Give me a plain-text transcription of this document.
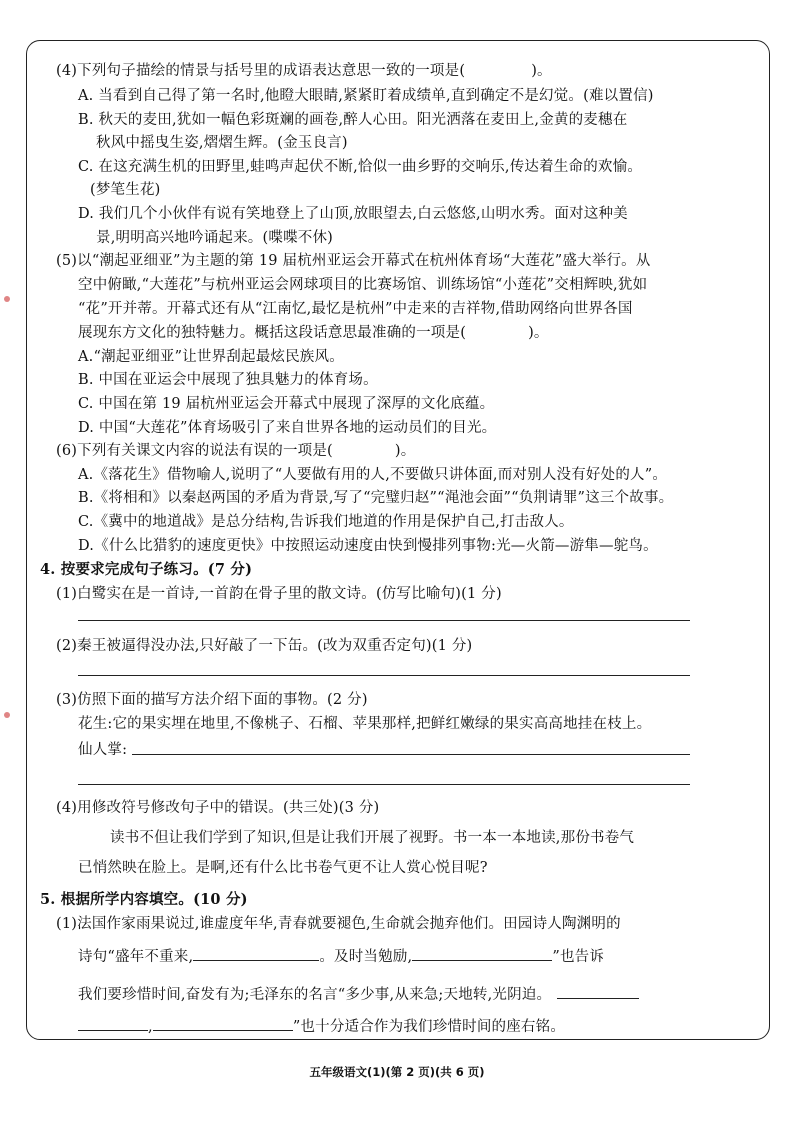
(4)下列句子描绘的情景与括号里的成语表达意思一致的一项是(	)。
A. 当看到自己得了第一名时,他瞪大眼睛,紧紧盯着成绩单,直到确定不是幻觉。(难以置信)
B. 秋天的麦田,犹如一幅色彩斑斓的画卷,醉人心田。阳光洒落在麦田上,金黄的麦穗在
秋风中摇曳生姿,熠熠生辉。(金玉良言)
C. 在这充满生机的田野里,蛙鸣声起伏不断,恰似一曲乡野的交响乐,传达着生命的欢愉。
(梦笔生花)
D. 我们几个小伙伴有说有笑地登上了山顶,放眼望去,白云悠悠,山明水秀。面对这种美
景,明明高兴地吟诵起来。(喋喋不休)
(5)以“潮起亚细亚”为主题的第 19 届杭州亚运会开幕式在杭州体育场“大莲花”盛大举行。从
空中俯瞰,“大莲花”与杭州亚运会网球项目的比赛场馆、训练场馆“小莲花”交相辉映,犹如
“花”开并蒂。开幕式还有从“江南忆,最忆是杭州”中走来的吉祥物,借助网络向世界各国
展现东方文化的独特魅力。概括这段话意思最准确的一项是(	)。
A.“潮起亚细亚”让世界刮起最炫民族风。
B. 中国在亚运会中展现了独具魅力的体育场。
C. 中国在第 19 届杭州亚运会开幕式中展现了深厚的文化底蕴。
D. 中国“大莲花”体育场吸引了来自世界各地的运动员们的目光。
(6)下列有关课文内容的说法有误的一项是(	)。
A.《落花生》借物喻人,说明了“人要做有用的人,不要做只讲体面,而对别人没有好处的人”。
B.《将相和》以秦赵两国的矛盾为背景,写了“完璧归赵”“渑池会面”“负荆请罪”这三个故事。
C.《冀中的地道战》是总分结构,告诉我们地道的作用是保护自己,打击敌人。
D.《什么比猎豹的速度更快》中按照运动速度由快到慢排列事物:光—火箭—游隼—鸵鸟。
4. 按要求完成句子练习。(7 分)
(1)白鹭实在是一首诗,一首韵在骨子里的散文诗。(仿写比喻句)(1 分)
(2)秦王被逼得没办法,只好敲了一下缶。(改为双重否定句)(1 分)
(3)仿照下面的描写方法介绍下面的事物。(2 分)
花生:它的果实埋在地里,不像桃子、石榴、苹果那样,把鲜红嫩绿的果实高高地挂在枝上。
仙人掌:
(4)用修改符号修改句子中的错误。(共三处)(3 分)
读书不但让我们学到了知识,但是让我们开展了视野。书一本一本地读,那份书卷气
已悄然映在脸上。是啊,还有什么比书卷气更不让人赏心悦目呢?
5. 根据所学内容填空。(10 分)
(1)法国作家雨果说过,谁虚度年华,青春就要褪色,生命就会抛弃他们。田园诗人陶渊明的
诗句“盛年不重来,	。及时当勉励,	”也告诉
我们要珍惜时间,奋发有为;毛泽东的名言“多少事,从来急;天地转,光阴迫。
,	”也十分适合作为我们珍惜时间的座右铭。
五年级语文(1)(第 2 页)(共 6 页)
